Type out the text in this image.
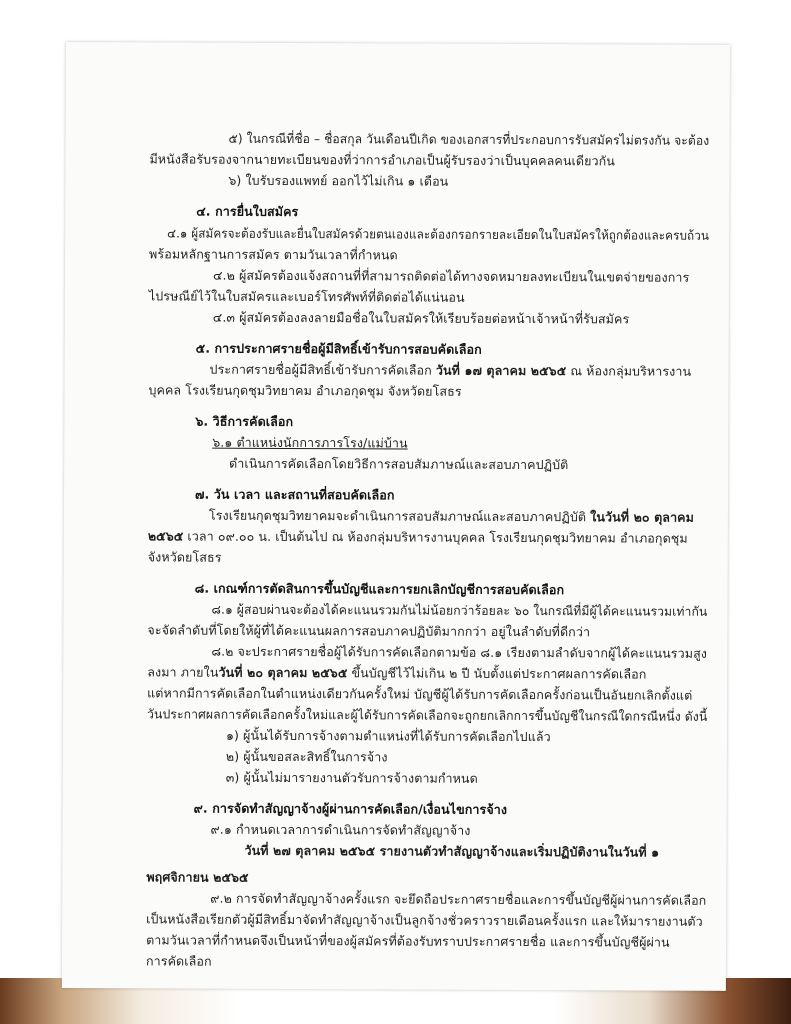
๕) ในกรณีที่ชื่อ – ชื่อสกุล วันเดือนปีเกิด ของเอกสารที่ประกอบการรับสมัครไม่ตรงกัน จะต้อง
มีหนังสือรับรองจากนายทะเบียนของที่ว่าการอำเภอเป็นผู้รับรองว่าเป็นบุคคลคนเดียวกัน
๖) ใบรับรองแพทย์ ออกไว้ไม่เกิน ๑ เดือน
๔. การยื่นใบสมัคร
๔.๑ ผู้สมัครจะต้องรับและยื่นใบสมัครด้วยตนเองและต้องกรอกรายละเอียดในใบสมัครให้ถูกต้องและครบถ้วน
พร้อมหลักฐานการสมัคร ตามวันเวลาที่กำหนด
๔.๒ ผู้สมัครต้องแจ้งสถานที่ที่สามารถติดต่อได้ทางจดหมายลงทะเบียนในเขตจ่ายของการ
ไปรษณีย์ไว้ในใบสมัครและเบอร์โทรศัพท์ที่ติดต่อได้แน่นอน
๔.๓ ผู้สมัครต้องลงลายมือชื่อในใบสมัครให้เรียบร้อยต่อหน้าเจ้าหน้าที่รับสมัคร
๕. การประกาศรายชื่อผู้มีสิทธิ์เข้ารับการสอบคัดเลือก
ประกาศรายชื่อผู้มีสิทธิ์เข้ารับการคัดเลือก วันที่ ๑๗ ตุลาคม ๒๕๖๕ ณ ห้องกลุ่มบริหารงาน
บุคคล โรงเรียนกุดชุมวิทยาคม อำเภอกุดชุม จังหวัดยโสธร
๖. วิธีการคัดเลือก
๖.๑ ตำแหน่งนักการภารโรง/แม่บ้าน
ดำเนินการคัดเลือกโดยวิธีการสอบสัมภาษณ์และสอบภาคปฏิบัติ
๗. วัน เวลา และสถานที่สอบคัดเลือก
โรงเรียนกุดชุมวิทยาคมจะดำเนินการสอบสัมภาษณ์และสอบภาคปฏิบัติ ในวันที่ ๒๐ ตุลาคม
๒๕๖๕ เวลา ๐๙.๐๐ น. เป็นต้นไป ณ ห้องกลุ่มบริหารงานบุคคล โรงเรียนกุดชุมวิทยาคม อำเภอกุดชุม
จังหวัดยโสธร
๘. เกณฑ์การตัดสินการขึ้นบัญชีและการยกเลิกบัญชีการสอบคัดเลือก
๘.๑ ผู้สอบผ่านจะต้องได้คะแนนรวมกันไม่น้อยกว่าร้อยละ ๖๐ ในกรณีที่มีผู้ได้คะแนนรวมเท่ากัน
จะจัดลำดับที่โดยให้ผู้ที่ได้คะแนนผลการสอบภาคปฏิบัติมากกว่า อยู่ในลำดับที่ดีกว่า
๘.๒ จะประกาศรายชื่อผู้ได้รับการคัดเลือกตามข้อ ๘.๑ เรียงตามลำดับจากผู้ได้คะแนนรวมสูง
ลงมา ภายในวันที่ ๒๐ ตุลาคม ๒๕๖๕ ขึ้นบัญชีไว้ไม่เกิน ๒ ปี นับตั้งแต่ประกาศผลการคัดเลือก
แต่หากมีการคัดเลือกในตำแหน่งเดียวกันครั้งใหม่ บัญชีผู้ได้รับการคัดเลือกครั้งก่อนเป็นอันยกเลิกตั้งแต่
วันประกาศผลการคัดเลือกครั้งใหม่และผู้ได้รับการคัดเลือกจะถูกยกเลิกการขึ้นบัญชีในกรณีใดกรณีหนึ่ง ดังนี้
๑) ผู้นั้นได้รับการจ้างตามตำแหน่งที่ได้รับการคัดเลือกไปแล้ว
๒) ผู้นั้นขอสละสิทธิ์ในการจ้าง
๓) ผู้นั้นไม่มารายงานตัวรับการจ้างตามกำหนด
๙. การจัดทำสัญญาจ้างผู้ผ่านการคัดเลือก/เงื่อนไขการจ้าง
๙.๑ กำหนดเวลาการดำเนินการจัดทำสัญญาจ้าง
วันที่ ๒๗ ตุลาคม ๒๕๖๕ รายงานตัวทำสัญญาจ้างและเริ่มปฏิบัติงานในวันที่ ๑
พฤศจิกายน ๒๕๖๕
๙.๒ การจัดทำสัญญาจ้างครั้งแรก จะยึดถือประกาศรายชื่อและการขึ้นบัญชีผู้ผ่านการคัดเลือก
เป็นหนังสือเรียกตัวผู้มีสิทธิ์มาจัดทำสัญญาจ้างเป็นลูกจ้างชั่วคราวรายเดือนครั้งแรก และให้มารายงานตัว
ตามวันเวลาที่กำหนดจึงเป็นหน้าที่ของผู้สมัครที่ต้องรับทราบประกาศรายชื่อ และการขึ้นบัญชีผู้ผ่าน
การคัดเลือก
